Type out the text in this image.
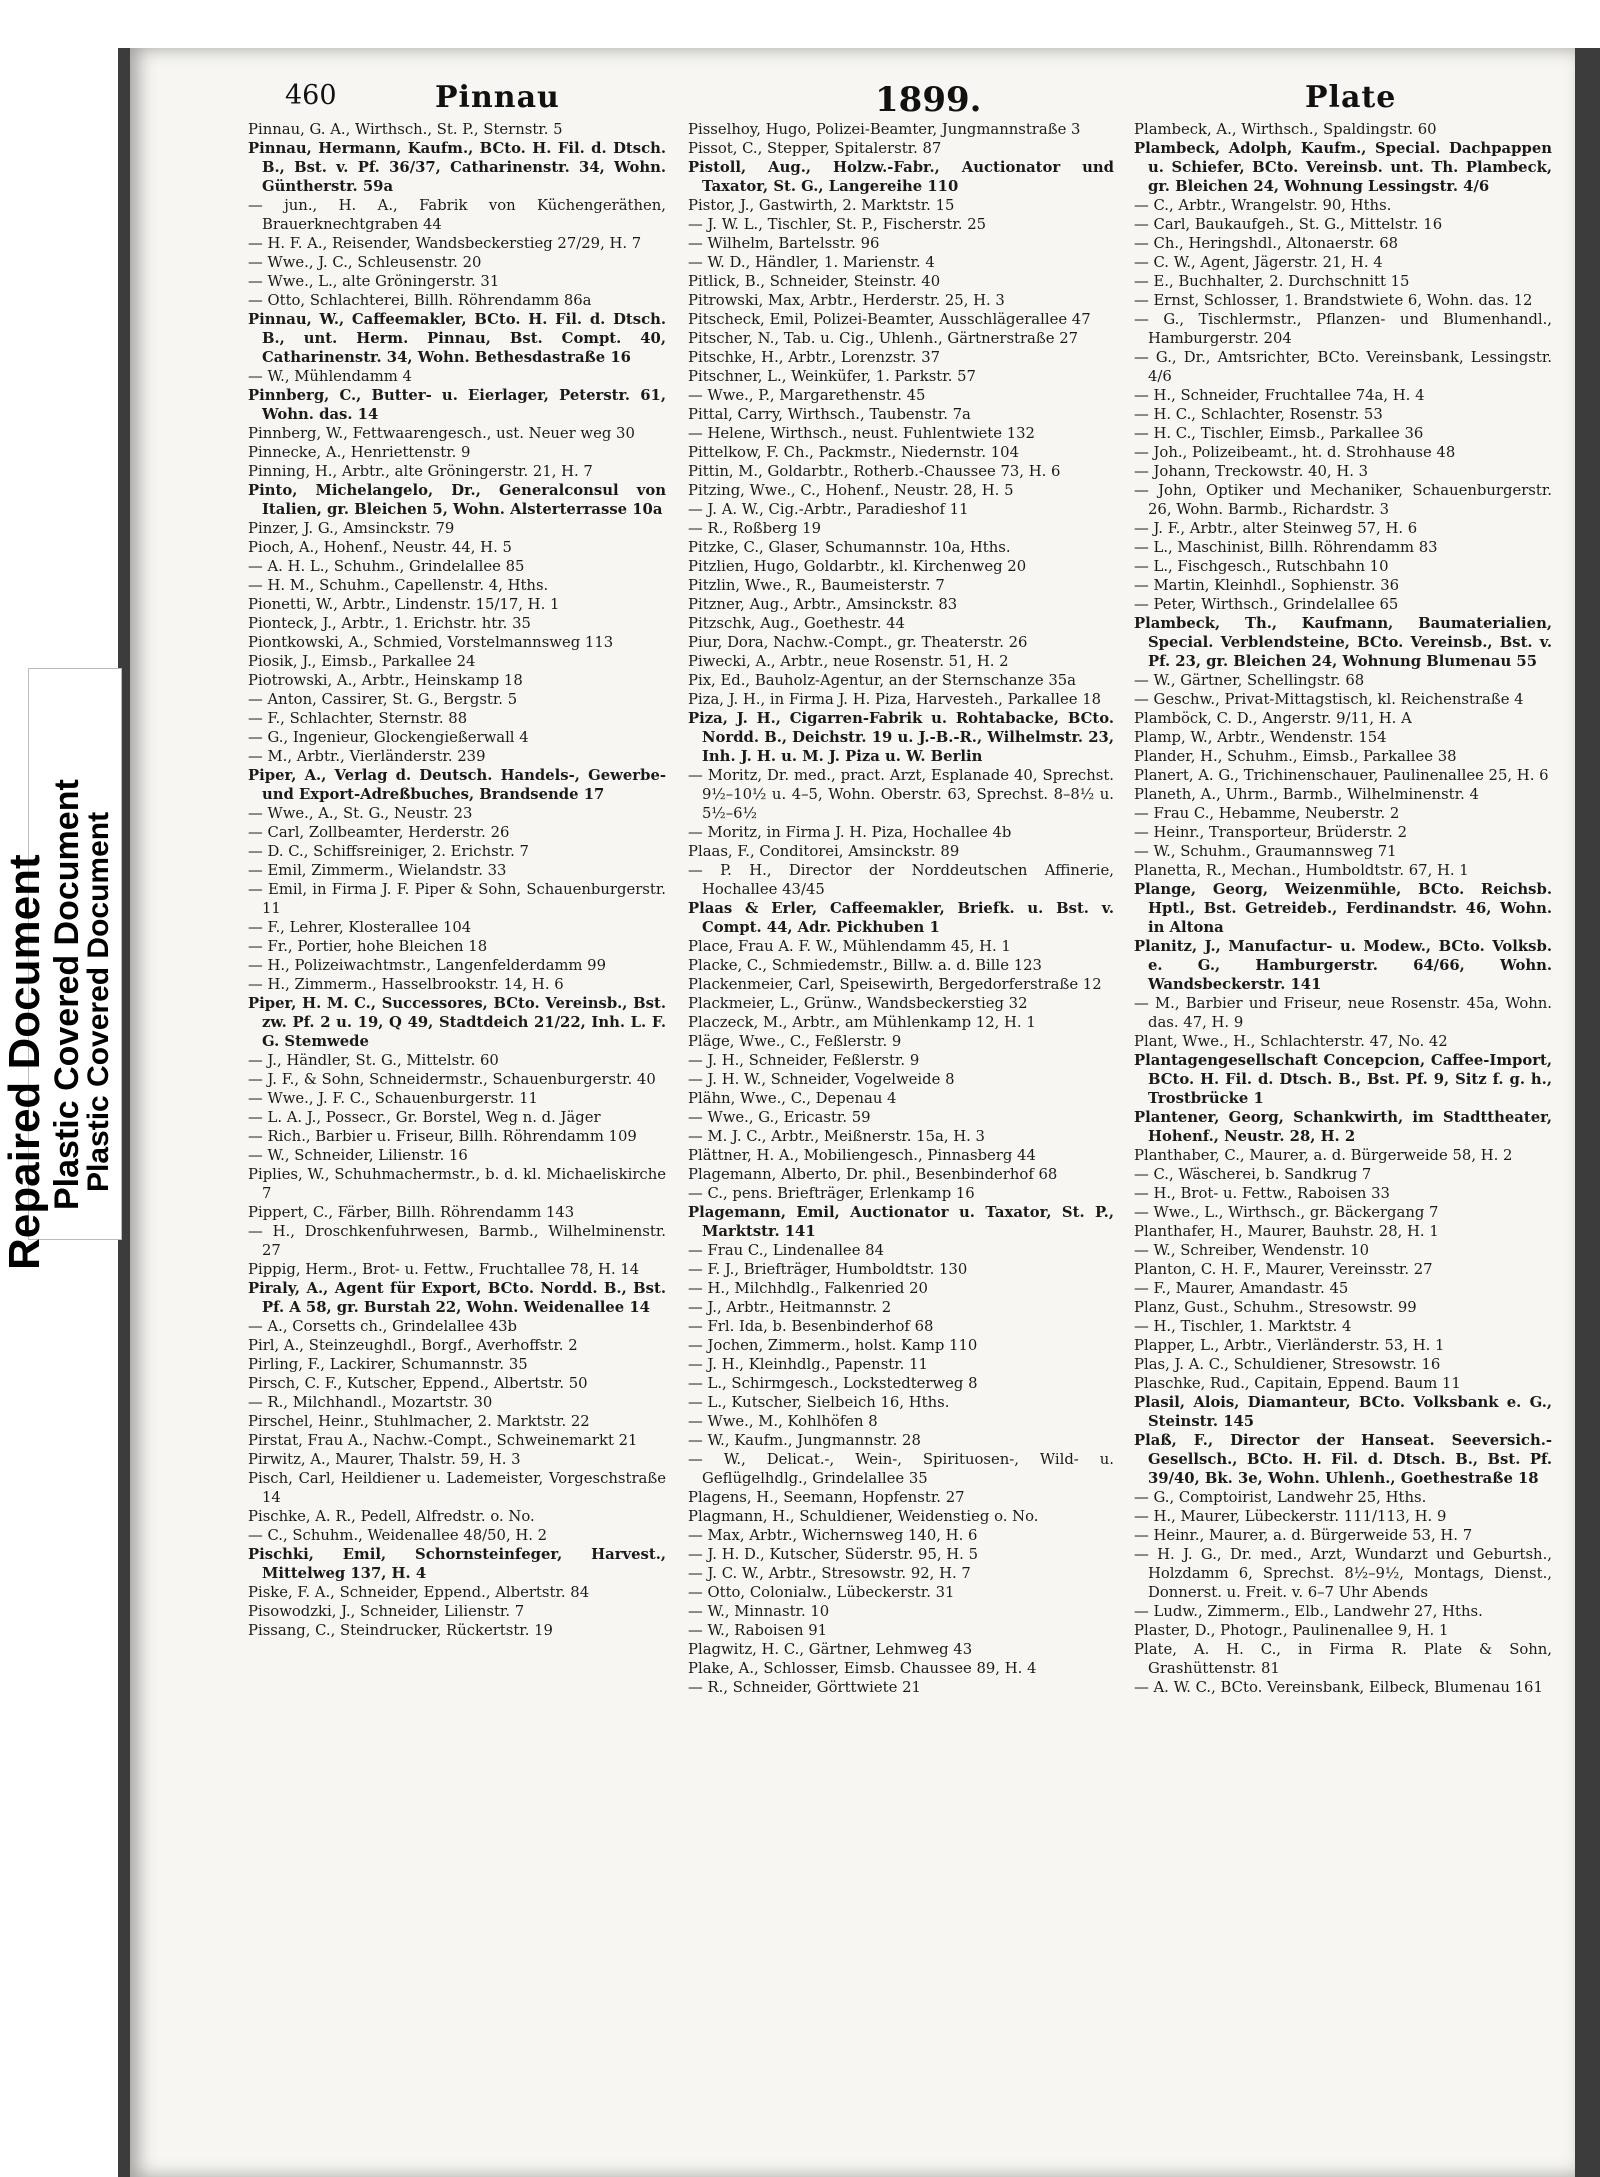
460	Pinnau	1899.	Plate

Pinnau, G. A., Wirthsch., St. P., Sternstr. 5

Pinnau, Hermann, Kaufm., BCto. H. Fil. d. Dtsch. B., Bst. v. Pf. 36/37, Catharinenstr. 34, Wohn. Güntherstr. 59a

— jun., H. A., Fabrik von Küchengeräthen, Brauerknechtgraben 44

— H. F. A., Reisender, Wandsbeckerstieg 27/29, H. 7

— Wwe., J. C., Schleusenstr. 20

— Wwe., L., alte Gröningerstr. 31

— Otto, Schlachterei, Billh. Röhrendamm 86a

Pinnau, W., Caffeemakler, BCto. H. Fil. d. Dtsch. B., unt. Herm. Pinnau, Bst. Compt. 40, Catharinenstr. 34, Wohn. Bethesdastraße 16

— W., Mühlendamm 4

Pinnberg, C., Butter- u. Eierlager, Peterstr. 61, Wohn. das. 14

Pinnberg, W., Fettwaarengesch., ust. Neuer weg 30

Pinnecke, A., Henriettenstr. 9

Pinning, H., Arbtr., alte Gröningerstr. 21, H. 7

Pinto, Michelangelo, Dr., Generalconsul von Italien, gr. Bleichen 5, Wohn. Alsterterrasse 10a

Pinzer, J. G., Amsinckstr. 79

Pioch, A., Hohenf., Neustr. 44, H. 5

— A. H. L., Schuhm., Grindelallee 85

— H. M., Schuhm., Capellenstr. 4, Hths.

Pionetti, W., Arbtr., Lindenstr. 15/17, H. 1

Pionteck, J., Arbtr., 1. Erichstr. htr. 35

Piontkowski, A., Schmied, Vorstelmannsweg 113

Piosik, J., Eimsb., Parkallee 24

Piotrowski, A., Arbtr., Heinskamp 18

— Anton, Cassirer, St. G., Bergstr. 5

— F., Schlachter, Sternstr. 88

— G., Ingenieur, Glockengießerwall 4

— M., Arbtr., Vierländerstr. 239

Piper, A., Verlag d. Deutsch. Handels-, Gewerbe- und Export-Adreßbuches, Brandsende 17

— Wwe., A., St. G., Neustr. 23

— Carl, Zollbeamter, Herderstr. 26

— D. C., Schiffsreiniger, 2. Erichstr. 7

— Emil, Zimmerm., Wielandstr. 33

— Emil, in Firma J. F. Piper & Sohn, Schauenburgerstr. 11

— F., Lehrer, Klosterallee 104

— Fr., Portier, hohe Bleichen 18

— H., Polizeiwachtmstr., Langenfelderdamm 99

— H., Zimmerm., Hasselbrookstr. 14, H. 6

Piper, H. M. C., Successores, BCto. Vereinsb., Bst. zw. Pf. 2 u. 19, Q 49, Stadtdeich 21/22, Inh. L. F. G. Stemwede

— J., Händler, St. G., Mittelstr. 60

— J. F., & Sohn, Schneidermstr., Schauenburgerstr. 40

— Wwe., J. F. C., Schauenburgerstr. 11

— L. A. J., Possecr., Gr. Borstel, Weg n. d. Jäger

— Rich., Barbier u. Friseur, Billh. Röhrendamm 109

— W., Schneider, Lilienstr. 16

Piplies, W., Schuhmachermstr., b. d. kl. Michaeliskirche 7

Pippert, C., Färber, Billh. Röhrendamm 143

— H., Droschkenfuhrwesen, Barmb., Wilhelminenstr. 27

Pippig, Herm., Brot- u. Fettw., Fruchtallee 78, H. 14

Piraly, A., Agent für Export, BCto. Nordd. B., Bst. Pf. A 58, gr. Burstah 22, Wohn. Weidenallee 14

— A., Corsetts ch., Grindelallee 43b

Pirl, A., Steinzeughdl., Borgf., Averhoffstr. 2

Pirling, F., Lackirer, Schumannstr. 35

Pirsch, C. F., Kutscher, Eppend., Albertstr. 50

— R., Milchhandl., Mozartstr. 30

Pirschel, Heinr., Stuhlmacher, 2. Marktstr. 22

Pirstat, Frau A., Nachw.-Compt., Schweinemarkt 21

Pirwitz, A., Maurer, Thalstr. 59, H. 3

Pisch, Carl, Heildiener u. Lademeister, Vorgeschstraße 14

Pischke, A. R., Pedell, Alfredstr. o. No.

— C., Schuhm., Weidenallee 48/50, H. 2

Pischki, Emil, Schornsteinfeger, Harvest., Mittelweg 137, H. 4

Piske, F. A., Schneider, Eppend., Albertstr. 84

Pisowodzki, J., Schneider, Lilienstr. 7

Pissang, C., Steindrucker, Rückertstr. 19

Pisselhoy, Hugo, Polizei-Beamter, Jungmannstraße 3

Pissot, C., Stepper, Spitalerstr. 87

Pistoll, Aug., Holzw.-Fabr., Auctionator und Taxator, St. G., Langereihe 110

Pistor, J., Gastwirth, 2. Marktstr. 15

— J. W. L., Tischler, St. P., Fischerstr. 25

— Wilhelm, Bartelsstr. 96

— W. D., Händler, 1. Marienstr. 4

Pitlick, B., Schneider, Steinstr. 40

Pitrowski, Max, Arbtr., Herderstr. 25, H. 3

Pitscheck, Emil, Polizei-Beamter, Ausschlägerallee 47

Pitscher, N., Tab. u. Cig., Uhlenh., Gärtnerstraße 27

Pitschke, H., Arbtr., Lorenzstr. 37

Pitschner, L., Weinküfer, 1. Parkstr. 57

— Wwe., P., Margarethenstr. 45

Pittal, Carry, Wirthsch., Taubenstr. 7a

— Helene, Wirthsch., neust. Fuhlentwiete 132

Pittelkow, F. Ch., Packmstr., Niedernstr. 104

Pittin, M., Goldarbtr., Rotherb.-Chaussee 73, H. 6

Pitzing, Wwe., C., Hohenf., Neustr. 28, H. 5

— J. A. W., Cig.-Arbtr., Paradieshof 11

— R., Roßberg 19

Pitzke, C., Glaser, Schumannstr. 10a, Hths.

Pitzlien, Hugo, Goldarbtr., kl. Kirchenweg 20

Pitzlin, Wwe., R., Baumeisterstr. 7

Pitzner, Aug., Arbtr., Amsinckstr. 83

Pitzschk, Aug., Goethestr. 44

Piur, Dora, Nachw.-Compt., gr. Theaterstr. 26

Piwecki, A., Arbtr., neue Rosenstr. 51, H. 2

Pix, Ed., Bauholz-Agentur, an der Sternschanze 35a

Piza, J. H., in Firma J. H. Piza, Harvesteh., Parkallee 18

Piza, J. H., Cigarren-Fabrik u. Rohtabacke, BCto. Nordd. B., Deichstr. 19 u. J.-B.-R., Wilhelmstr. 23, Inh. J. H. u. M. J. Piza u. W. Berlin

— Moritz, Dr. med., pract. Arzt, Esplanade 40, Sprechst. 9½–10½ u. 4–5, Wohn. Oberstr. 63, Sprechst. 8–8½ u. 5½–6½

— Moritz, in Firma J. H. Piza, Hochallee 4b

Plaas, F., Conditorei, Amsinckstr. 89

— P. H., Director der Norddeutschen Affinerie, Hochallee 43/45

Plaas & Erler, Caffeemakler, Briefk. u. Bst. v. Compt. 44, Adr. Pickhuben 1

Place, Frau A. F. W., Mühlendamm 45, H. 1

Placke, C., Schmiedemstr., Billw. a. d. Bille 123

Plackenmeier, Carl, Speisewirth, Bergedorferstraße 12

Plackmeier, L., Grünw., Wandsbeckerstieg 32

Placzeck, M., Arbtr., am Mühlenkamp 12, H. 1

Pläge, Wwe., C., Feßlerstr. 9

— J. H., Schneider, Feßlerstr. 9

— J. H. W., Schneider, Vogelweide 8

Plähn, Wwe., C., Depenau 4

— Wwe., G., Ericastr. 59

— M. J. C., Arbtr., Meißnerstr. 15a, H. 3

Plättner, H. A., Mobiliengesch., Pinnasberg 44

Plagemann, Alberto, Dr. phil., Besenbinderhof 68

— C., pens. Briefträger, Erlenkamp 16

Plagemann, Emil, Auctionator u. Taxator, St. P., Marktstr. 141

— Frau C., Lindenallee 84

— F. J., Briefträger, Humboldtstr. 130

— H., Milchhdlg., Falkenried 20

— J., Arbtr., Heitmannstr. 2

— Frl. Ida, b. Besenbinderhof 68

— Jochen, Zimmerm., holst. Kamp 110

— J. H., Kleinhdlg., Papenstr. 11

— L., Schirmgesch., Lockstedterweg 8

— L., Kutscher, Sielbeich 16, Hths.

— Wwe., M., Kohlhöfen 8

— W., Kaufm., Jungmannstr. 28

— W., Delicat.-, Wein-, Spirituosen-, Wild- u. Geflügelhdlg., Grindelallee 35

Plagens, H., Seemann, Hopfenstr. 27

Plagmann, H., Schuldiener, Weidenstieg o. No.

— Max, Arbtr., Wichernsweg 140, H. 6

— J. H. D., Kutscher, Süderstr. 95, H. 5

— J. C. W., Arbtr., Stresowstr. 92, H. 7

— Otto, Colonialw., Lübeckerstr. 31

— W., Minnastr. 10

— W., Raboisen 91

Plagwitz, H. C., Gärtner, Lehmweg 43

Plake, A., Schlosser, Eimsb. Chaussee 89, H. 4

— R., Schneider, Görttwiete 21

Plambeck, A., Wirthsch., Spaldingstr. 60

Plambeck, Adolph, Kaufm., Special. Dachpappen u. Schiefer, BCto. Vereinsb. unt. Th. Plambeck, gr. Bleichen 24, Wohnung Lessingstr. 4/6

— C., Arbtr., Wrangelstr. 90, Hths.

— Carl, Baukaufgeh., St. G., Mittelstr. 16

— Ch., Heringshdl., Altonaerstr. 68

— C. W., Agent, Jägerstr. 21, H. 4

— E., Buchhalter, 2. Durchschnitt 15

— Ernst, Schlosser, 1. Brandstwiete 6, Wohn. das. 12

— G., Tischlermstr., Pflanzen- und Blumenhandl., Hamburgerstr. 204

— G., Dr., Amtsrichter, BCto. Vereinsbank, Lessingstr. 4/6

— H., Schneider, Fruchtallee 74a, H. 4

— H. C., Schlachter, Rosenstr. 53

— H. C., Tischler, Eimsb., Parkallee 36

— Joh., Polizeibeamt., ht. d. Strohhause 48

— Johann, Treckowstr. 40, H. 3

— John, Optiker und Mechaniker, Schauenburgerstr. 26, Wohn. Barmb., Richardstr. 3

— J. F., Arbtr., alter Steinweg 57, H. 6

— L., Maschinist, Billh. Röhrendamm 83

— L., Fischgesch., Rutschbahn 10

— Martin, Kleinhdl., Sophienstr. 36

— Peter, Wirthsch., Grindelallee 65

Plambeck, Th., Kaufmann, Baumaterialien, Special. Verblendsteine, BCto. Vereinsb., Bst. v. Pf. 23, gr. Bleichen 24, Wohnung Blumenau 55

— W., Gärtner, Schellingstr. 68

— Geschw., Privat-Mittagstisch, kl. Reichenstraße 4

Plamböck, C. D., Angerstr. 9/11, H. A

Plamp, W., Arbtr., Wendenstr. 154

Plander, H., Schuhm., Eimsb., Parkallee 38

Planert, A. G., Trichinenschauer, Paulinenallee 25, H. 6

Planeth, A., Uhrm., Barmb., Wilhelminenstr. 4

— Frau C., Hebamme, Neuberstr. 2

— Heinr., Transporteur, Brüderstr. 2

— W., Schuhm., Graumannsweg 71

Planetta, R., Mechan., Humboldtstr. 67, H. 1

Plange, Georg, Weizenmühle, BCto. Reichsb. Hptl., Bst. Getreideb., Ferdinandstr. 46, Wohn. in Altona

Planitz, J., Manufactur- u. Modew., BCto. Volksb. e. G., Hamburgerstr. 64/66, Wohn. Wandsbeckerstr. 141

— M., Barbier und Friseur, neue Rosenstr. 45a, Wohn. das. 47, H. 9

Plant, Wwe., H., Schlachterstr. 47, No. 42

Plantagengesellschaft Concepcion, Caffee-Import, BCto. H. Fil. d. Dtsch. B., Bst. Pf. 9, Sitz f. g. h., Trostbrücke 1

Plantener, Georg, Schankwirth, im Stadttheater, Hohenf., Neustr. 28, H. 2

Planthaber, C., Maurer, a. d. Bürgerweide 58, H. 2

— C., Wäscherei, b. Sandkrug 7

— H., Brot- u. Fettw., Raboisen 33

— Wwe., L., Wirthsch., gr. Bäckergang 7

Planthafer, H., Maurer, Bauhstr. 28, H. 1

— W., Schreiber, Wendenstr. 10

Planton, C. H. F., Maurer, Vereinsstr. 27

— F., Maurer, Amandastr. 45

Planz, Gust., Schuhm., Stresowstr. 99

— H., Tischler, 1. Marktstr. 4

Plapper, L., Arbtr., Vierländerstr. 53, H. 1

Plas, J. A. C., Schuldiener, Stresowstr. 16

Plaschke, Rud., Capitain, Eppend. Baum 11

Plasil, Alois, Diamanteur, BCto. Volksbank e. G., Steinstr. 145

Plaß, F., Director der Hanseat. Seeversich.-Gesellsch., BCto. H. Fil. d. Dtsch. B., Bst. Pf. 39/40, Bk. 3e, Wohn. Uhlenh., Goethestraße 18

— G., Comptoirist, Landwehr 25, Hths.

— H., Maurer, Lübeckerstr. 111/113, H. 9

— Heinr., Maurer, a. d. Bürgerweide 53, H. 7

— H. J. G., Dr. med., Arzt, Wundarzt und Geburtsh., Holzdamm 6, Sprechst. 8½–9½, Montags, Dienst., Donnerst. u. Freit. v. 6–7 Uhr Abends

— Ludw., Zimmerm., Elb., Landwehr 27, Hths.

Plaster, D., Photogr., Paulinenallee 9, H. 1

Plate, A. H. C., in Firma R. Plate & Sohn, Grashüttenstr. 81

— A. W. C., BCto. Vereinsbank, Eilbeck, Blumenau 161

Repaired Document Plastic Covered Document
Plastic Covered Document
